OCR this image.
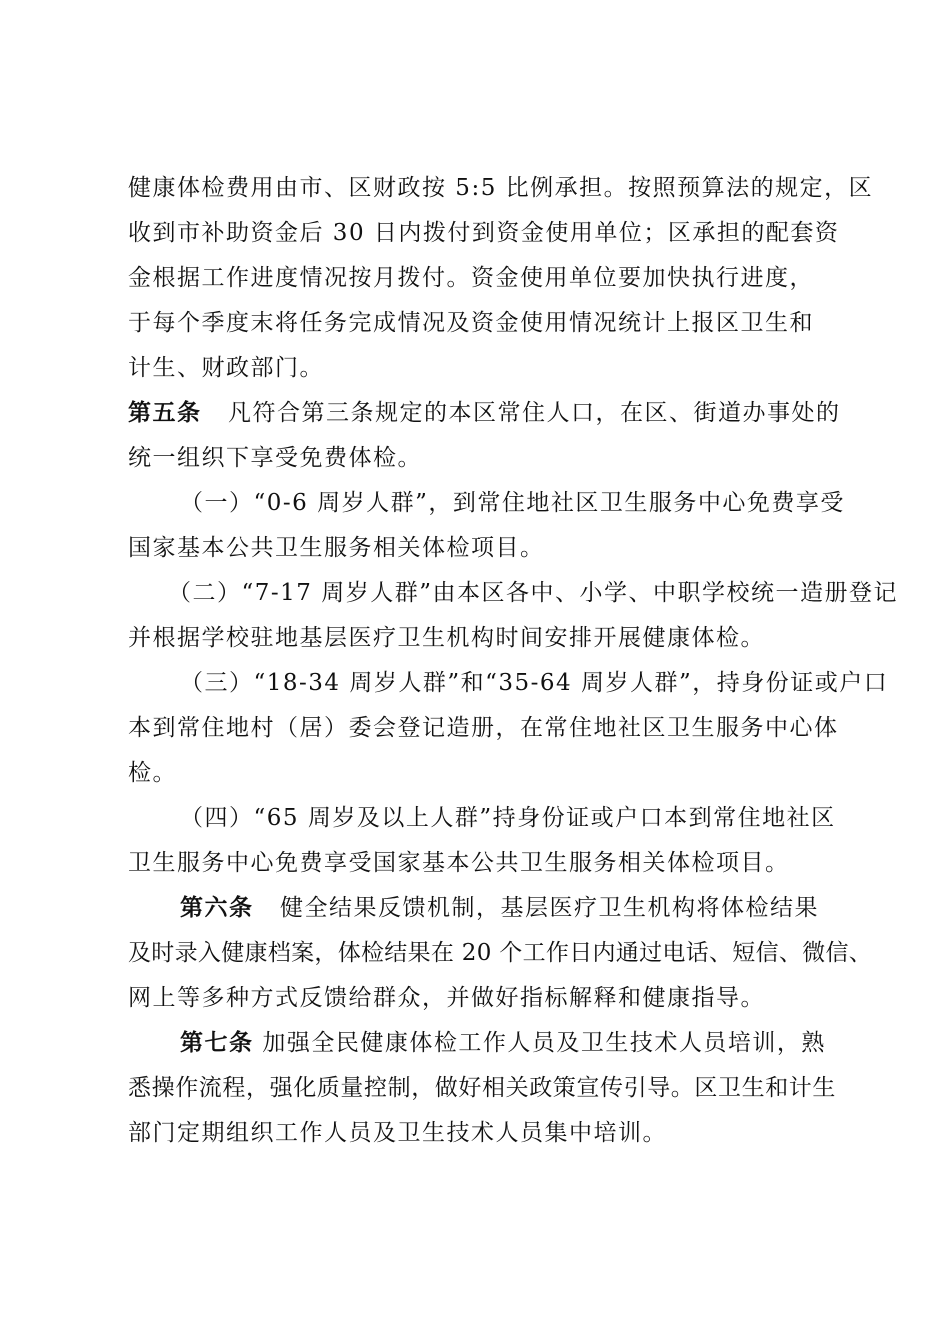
健康体检费用由市、区财政按 5:5 比例承担。按照预算法的规定，区
收到市补助资金后 30 日内拨付到资金使用单位；区承担的配套资
金根据工作进度情况按月拨付。资金使用单位要加快执行进度，
于每个季度末将任务完成情况及资金使用情况统计上报区卫生和
计生、财政部门。
第五条 凡符合第三条规定的本区常住人口，在区、街道办事处的
统一组织下享受免费体检。
（一）“0-6 周岁人群”，到常住地社区卫生服务中心免费享受
国家基本公共卫生服务相关体检项目。
（二）“7-17 周岁人群”由本区各中、小学、中职学校统一造册登记
并根据学校驻地基层医疗卫生机构时间安排开展健康体检。
（三）“18-34 周岁人群”和“35-64 周岁人群”，持身份证或户口
本到常住地村（居）委会登记造册，在常住地社区卫生服务中心体
检。
（四）“65 周岁及以上人群”持身份证或户口本到常住地社区
卫生服务中心免费享受国家基本公共卫生服务相关体检项目。
第六条 健全结果反馈机制，基层医疗卫生机构将体检结果
及时录入健康档案，体检结果在 20 个工作日内通过电话、短信、微信、
网上等多种方式反馈给群众，并做好指标解释和健康指导。
第七条 加强全民健康体检工作人员及卫生技术人员培训，熟
悉操作流程，强化质量控制，做好相关政策宣传引导。区卫生和计生
部门定期组织工作人员及卫生技术人员集中培训。
